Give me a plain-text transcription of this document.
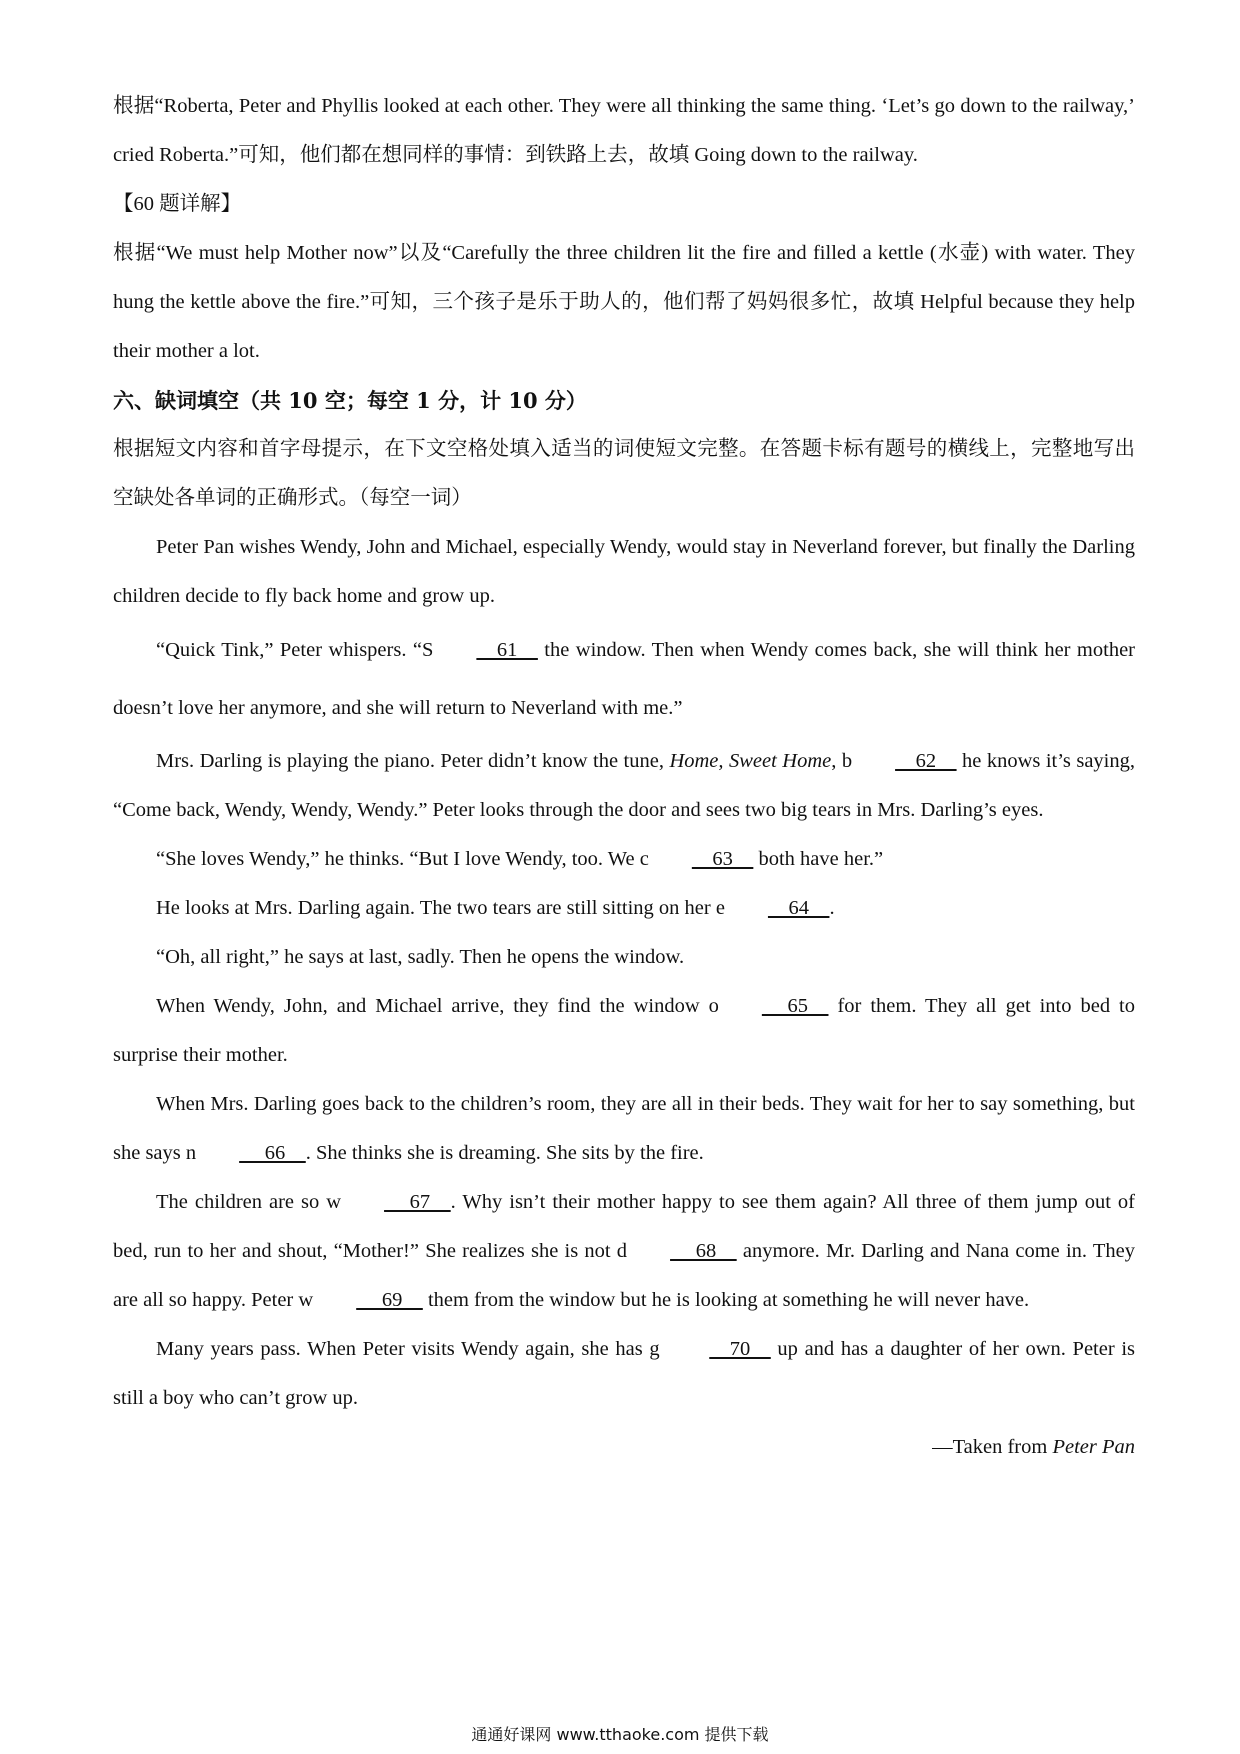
根据“Roberta, Peter and Phyllis looked at each other. They were all thinking the same thing. ‘Let’s go down to the railway,’ cried Roberta.”可知，他们都在想同样的事情：到铁路上去，故填 Going down to the railway.

【60 题详解】

根据“We must help Mother now”以及“Carefully the three children lit the fire and filled a kettle (水壶) with water. They hung the kettle above the fire.”可知，三个孩子是乐于助人的，他们帮了妈妈很多忙，故填 Helpful because they help their mother a lot.

六、缺词填空（共 10 空；每空 1 分，计 10 分）

根据短文内容和首字母提示，在下文空格处填入适当的词使短文完整。在答题卡标有题号的横线上，完整地写出空缺处各单词的正确形式。（每空一词）

Peter Pan wishes Wendy, John and Michael, especially Wendy, would stay in Neverland forever, but finally the Darling children decide to fly back home and grow up.

“Quick Tink,” Peter whispers. “S    61     the window. Then when Wendy comes back, she will think her mother doesn’t love her anymore, and she will return to Neverland with me.”

Mrs. Darling is playing the piano. Peter didn’t know the tune, Home, Sweet Home, b    62     he knows it’s saying, “Come back, Wendy, Wendy, Wendy.” Peter looks through the door and sees two big tears in Mrs. Darling’s eyes.

“She loves Wendy,” he thinks. “But I love Wendy, too. We c    63     both have her.”

He looks at Mrs. Darling again. The two tears are still sitting on her e    64    .

“Oh, all right,” he says at last, sadly. Then he opens the window.

When Wendy, John, and Michael arrive, they find the window o     65     for them. They all get into bed to surprise their mother.

When Mrs. Darling goes back to the children’s room, they are all in their beds. They wait for her to say something, but she says n     66    . She thinks she is dreaming. She sits by the fire.

The children are so w     67    . Why isn’t their mother happy to see them again? All three of them jump out of bed, run to her and shout, “Mother!” She realizes she is not d     68     anymore. Mr. Darling and Nana come in. They are all so happy. Peter w     69     them from the window but he is looking at something he will never have.

Many years pass. When Peter visits Wendy again, she has g     70     up and has a daughter of her own. Peter is still a boy who can’t grow up.

—Taken from Peter Pan

通通好课网 www.tthaoke.com 提供下载
